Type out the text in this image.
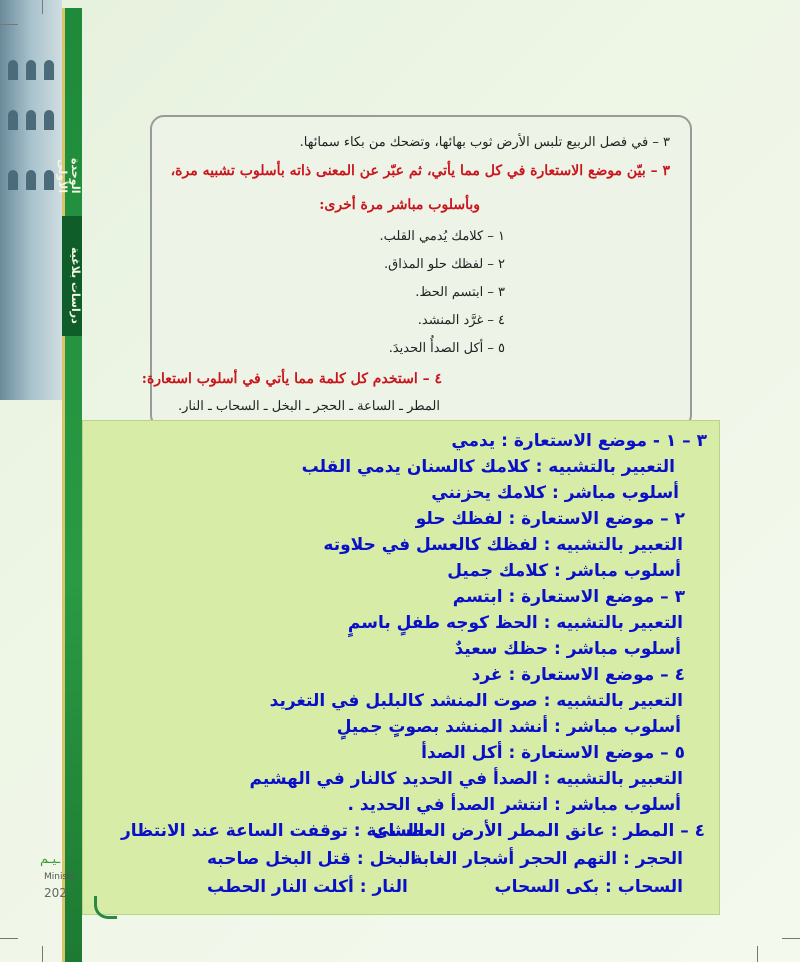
الوحدة الأولى
دراسات بلاغية
٣ – في فصل الربيع تلبس الأرض ثوب بهائها، وتضحك من بكاء سمائها.
٣ – بيّن موضع الاستعارة في كل مما يأتي، ثم عبّر عن المعنى ذاته بأسلوب تشبيه مرة،
وبأسلوب مباشر مرة أخرى:
١ – كلامك يُدمي القلب.
٢ – لفظك حلو المذاق.
٣ – ابتسم الحظ.
٤ – غرَّد المنشد.
٥ – أكل الصدأُ الحديدَ.
٤ – استخدم كل كلمة مما يأتي في أسلوب استعارة:
المطر ـ الساعة ـ الحجر ـ البخل ـ السحاب ـ النار.
٣ – ١ - موضع الاستعارة : يدمي
التعبير بالتشبيه : كلامك كالسنان يدمي القلب
أسلوب مباشر : كلامك يحزنني
٢ – موضع الاستعارة : لفظك حلو
التعبير بالتشبيه : لفظك كالعسل في حلاوته
أسلوب مباشر : كلامك جميل
٣ – موضع الاستعارة : ابتسم
التعبير بالتشبيه : الحظ كوجه طفلٍ باسمٍ
أسلوب مباشر : حظك سعيدٌ
٤ – موضع الاستعارة : غرد
التعبير بالتشبيه : صوت المنشد كالبلبل في التغريد
أسلوب مباشر : أنشد المنشد بصوتٍ جميلٍ
٥ – موضع الاستعارة : أكل الصدأ
التعبير بالتشبيه : الصدأ في الحديد كالنار في الهشيم
أسلوب مباشر : انتشر الصدأ في الحديد .
٤ – المطر : عانق المطر الأرض العطشى
الساعة : توقفت الساعة عند الانتظار
الحجر : التهم الحجر أشجار الغابة
البخل : قتل البخل صاحبه
السحاب : بكى السحاب
النار : أكلت النار الحطب
ـيـم
Ministr
202
